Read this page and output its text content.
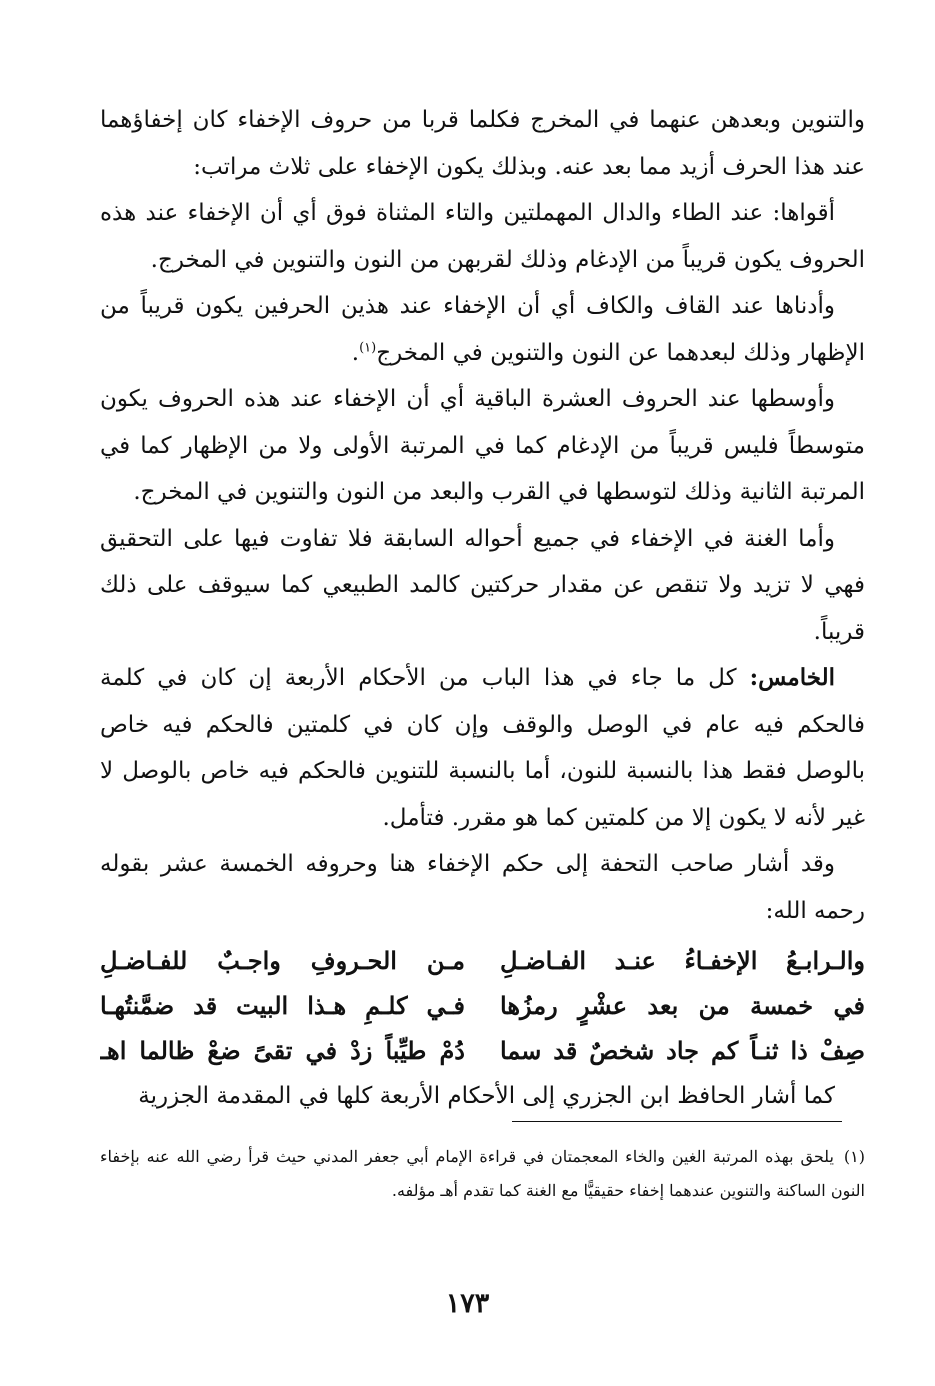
والتنوين وبعدهن عنهما في المخرج فكلما قربا من حروف الإخفاء كان إخفاؤهما عند هذا الحرف أزيد مما بعد عنه. وبذلك يكون الإخفاء على ثلاث مراتب:

أقواها: عند الطاء والدال المهملتين والتاء المثناة فوق أي أن الإخفاء عند هذه الحروف يكون قريباً من الإدغام وذلك لقربهن من النون والتنوين في المخرج.

وأدناها عند القاف والكاف أي أن الإخفاء عند هذين الحرفين يكون قريباً من الإظهار وذلك لبعدهما عن النون والتنوين في المخرج$^{(١)}$.

وأوسطها عند الحروف العشرة الباقية أي أن الإخفاء عند هذه الحروف يكون متوسطاً فليس قريباً من الإدغام كما في المرتبة الأولى ولا من الإظهار كما في المرتبة الثانية وذلك لتوسطها في القرب والبعد من النون والتنوين في المخرج.

وأما الغنة في الإخفاء في جميع أحواله السابقة فلا تفاوت فيها على التحقيق فهي لا تزيد ولا تنقص عن مقدار حركتين كالمد الطبيعي كما سيوقف على ذلك قريباً.

الخامس: كل ما جاء في هذا الباب من الأحكام الأربعة إن كان في كلمة فالحكم فيه عام في الوصل والوقف وإن كان في كلمتين فالحكم فيه خاص بالوصل فقط هذا بالنسبة للنون، أما بالنسبة للتنوين فالحكم فيه خاص بالوصل لا غير لأنه لا يكون إلا من كلمتين كما هو مقرر. فتأمل.

وقد أشار صاحب التحفة إلى حكم الإخفاء هنا وحروفه الخمسة عشر بقوله رحمه الله:

والـرابـعُ الإخفـاءُ عنـد الفـاضـلِ
مـن الحـروفِ واجـبٌ للفـاضـلِ
في خمسة من بعد عشْرٍ رمزُها
فـي كلـمِ هـذا البيت قد ضمَّنتُهـا
صِفْ ذا ثنـاً كم جاد شخصٌ قد سما
دُمْ طيِّباً زدْ في تقىً ضعْ ظالما اهـ

كما أشار الحافظ ابن الجزري إلى الأحكام الأربعة كلها في المقدمة الجزرية

(١)يلحق بهذه المرتبة الغين والخاء المعجمتان في قراءة الإمام أبي جعفر المدني حيث قرأ رضي الله عنه بإخفاء النون الساكنة والتنوين عندهما إخفاء حقيقيًّا مع الغنة كما تقدم أهـ مؤلفه.
١٧٣
